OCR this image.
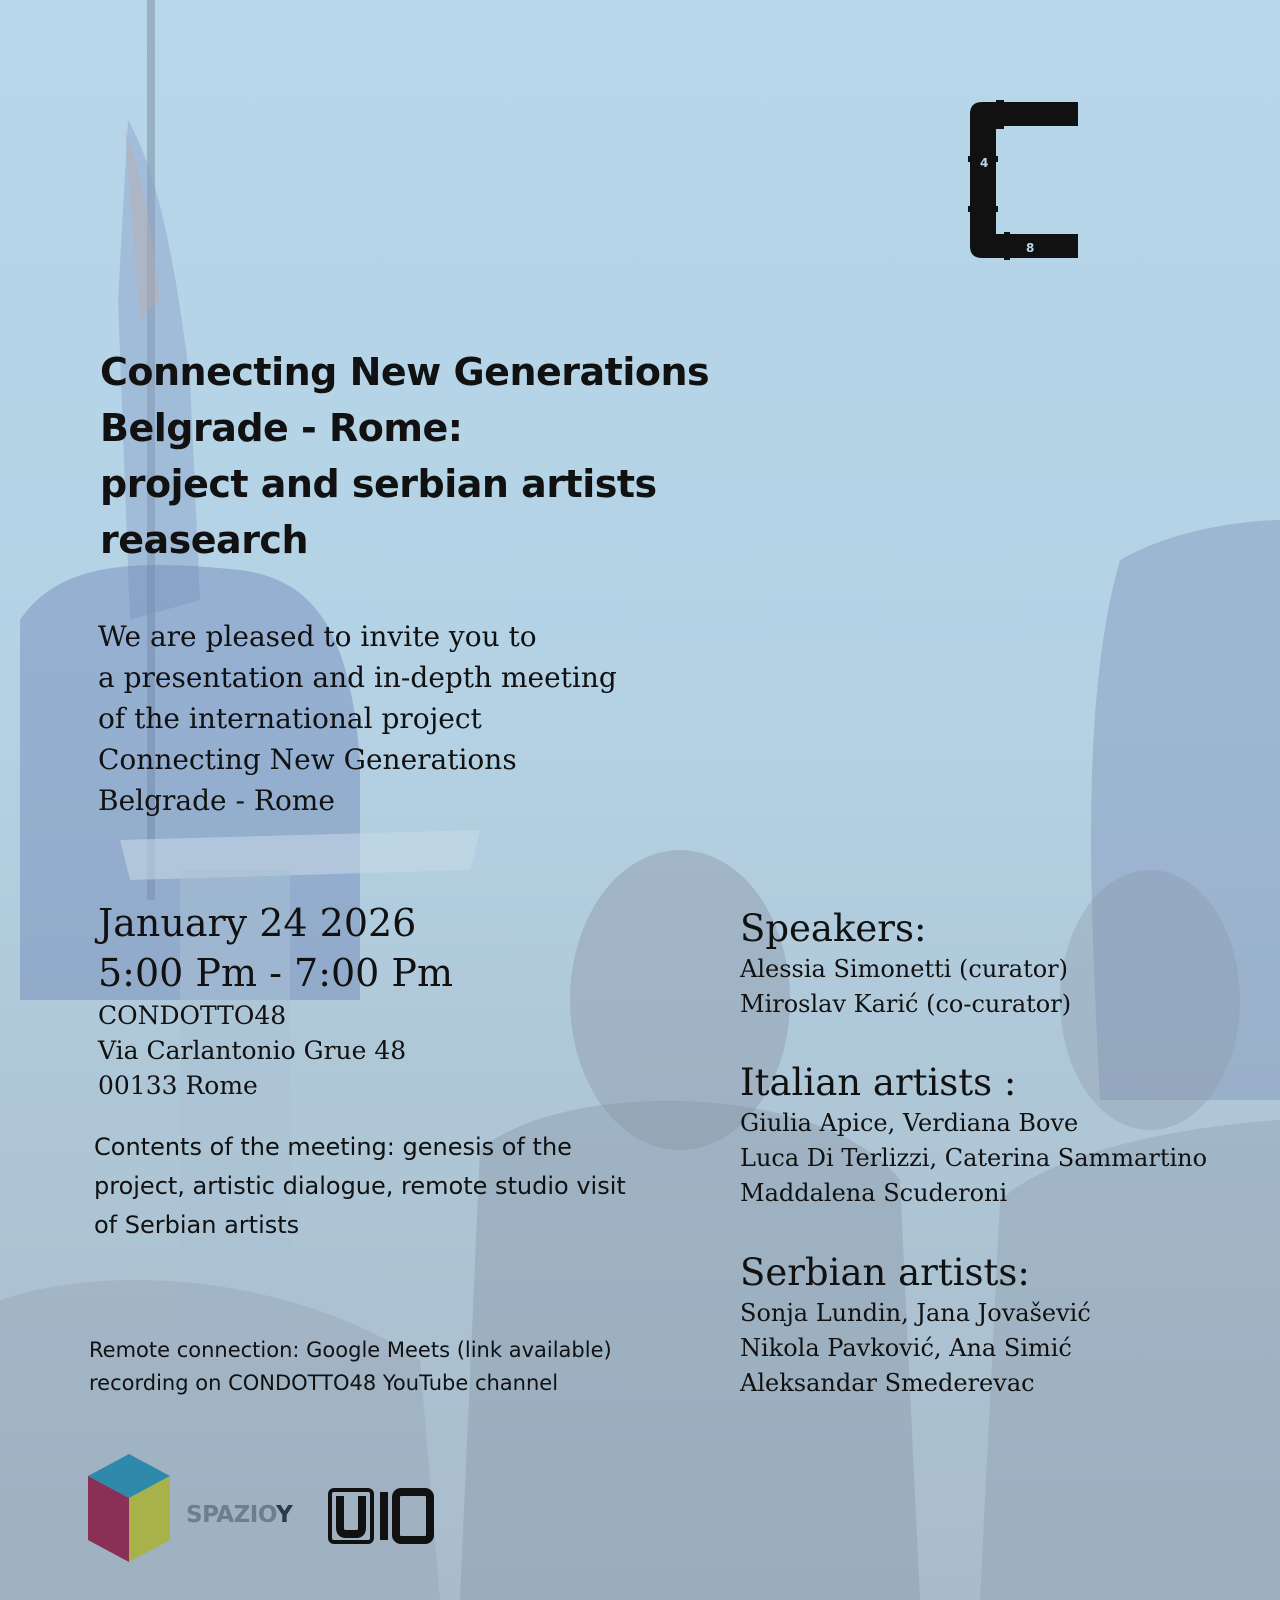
4
8
Connecting New Generations
Belgrade - Rome:
project and serbian artists
reasearch
We are pleased to invite you to
a presentation and in-depth meeting
of the international project
Connecting New Generations
Belgrade - Rome
January 24 2026
5:00 Pm - 7:00 Pm
CONDOTTO48
Via Carlantonio Grue 48
00133 Rome
Contents of the meeting: genesis of the project, artistic dialogue, remote studio visit of Serbian artists
Remote connection: Google Meets (link available)
recording on CONDOTTO48 YouTube channel
Speakers:
Alessia Simonetti (curator)
Miroslav Karić (co-curator)
Italian artists :
Giulia Apice, Verdiana Bove
Luca Di Terlizzi, Caterina Sammartino
Maddalena Scuderoni
Serbian artists:
Sonja Lundin, Jana Jovašević
Nikola Pavković, Ana Simić
Aleksandar Smederevac
SPAZIOY
